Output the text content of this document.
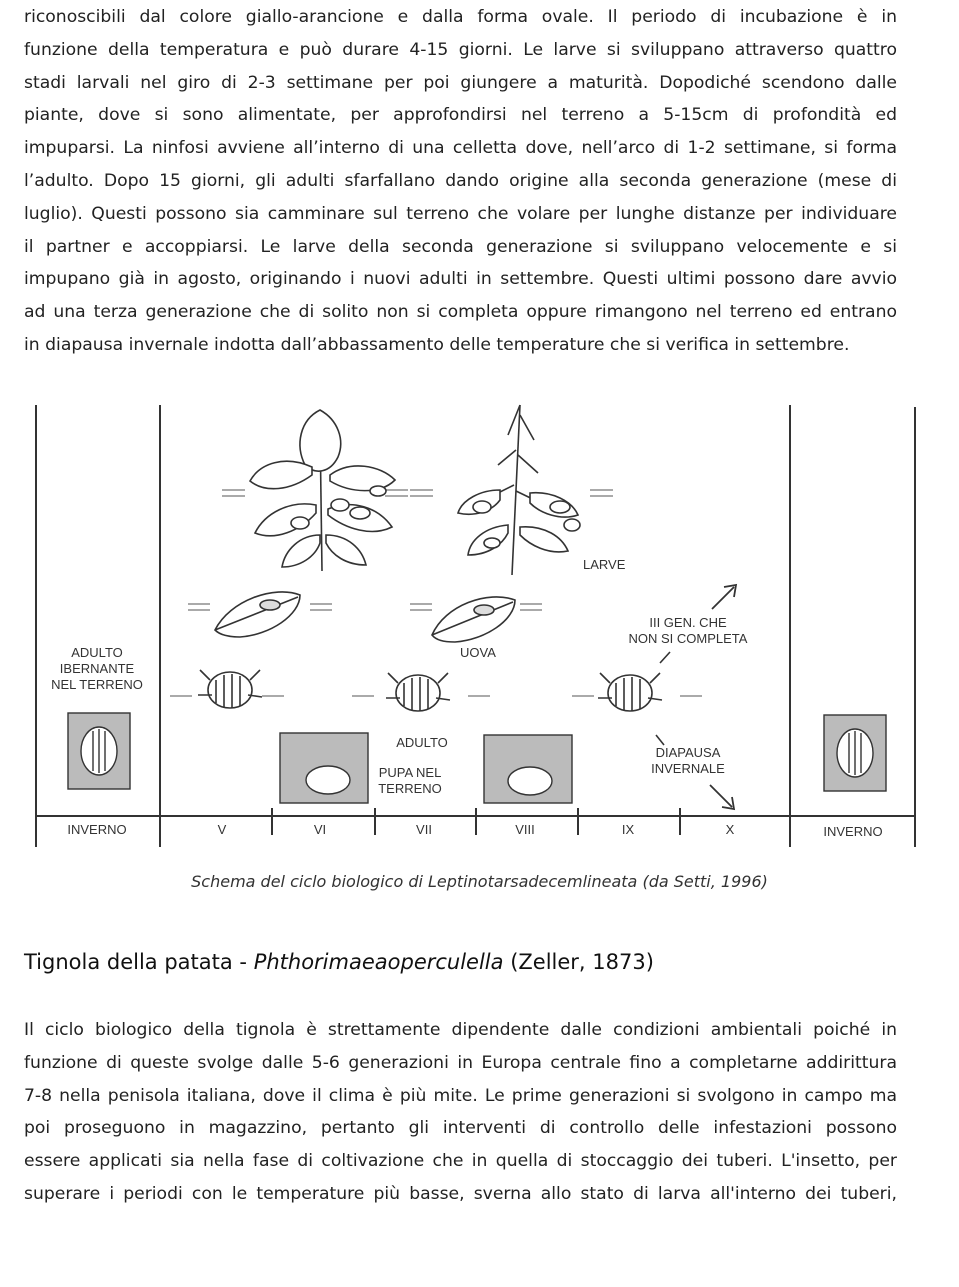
riconoscibili dal colore giallo-arancione e dalla forma ovale. Il periodo di incubazione è in
funzione della temperatura e può durare 4-15 giorni. Le larve si sviluppano attraverso quattro
stadi larvali nel giro di 2-3 settimane per poi giungere a maturità. Dopodiché scendono dalle
piante, dove si sono alimentate, per approfondirsi nel terreno a 5-15cm di profondità ed
impuparsi. La ninfosi avviene all’interno di una celletta dove, nell’arco di 1-2 settimane, si forma
l’adulto. Dopo 15 giorni, gli adulti sfarfallano dando origine alla seconda generazione (mese di
luglio). Questi possono sia camminare sul terreno che volare per lunghe distanze per individuare
il partner e accoppiarsi. Le larve della seconda generazione si sviluppano velocemente e si
impupano già in agosto, originando i nuovi adulti in settembre. Questi ultimi possono dare avvio
ad una terza generazione che di solito non si completa oppure rimangono nel terreno ed entrano
in diapausa invernale indotta dall’abbassamento delle temperature che si verifica in settembre.
INVERNO	V	VI	VII	VIII	IX	X	INVERNO
LARVE
UOVA
ADULTO
PUPA NEL
TERRENO
III GEN. CHE
NON SI COMPLETA
DIAPAUSA
INVERNALE
ADULTO
IBERNANTE
NEL TERRENO
Schema del ciclo biologico di Leptinotarsadecemlineata (da Setti, 1996)
Tignola della patata - Phthorimaeaoperculella (Zeller, 1873)
Il ciclo biologico della tignola è strettamente dipendente dalle condizioni ambientali poiché in
funzione di queste svolge dalle 5-6 generazioni in Europa centrale fino a completarne addirittura
7-8 nella penisola italiana, dove il clima è più mite. Le prime generazioni si svolgono in campo ma
poi proseguono in magazzino, pertanto gli interventi di controllo delle infestazioni possono
essere applicati sia nella fase di coltivazione che in quella di stoccaggio dei tuberi. L'insetto, per
superare i periodi con le temperature più basse, sverna allo stato di larva all'interno dei tuberi,
